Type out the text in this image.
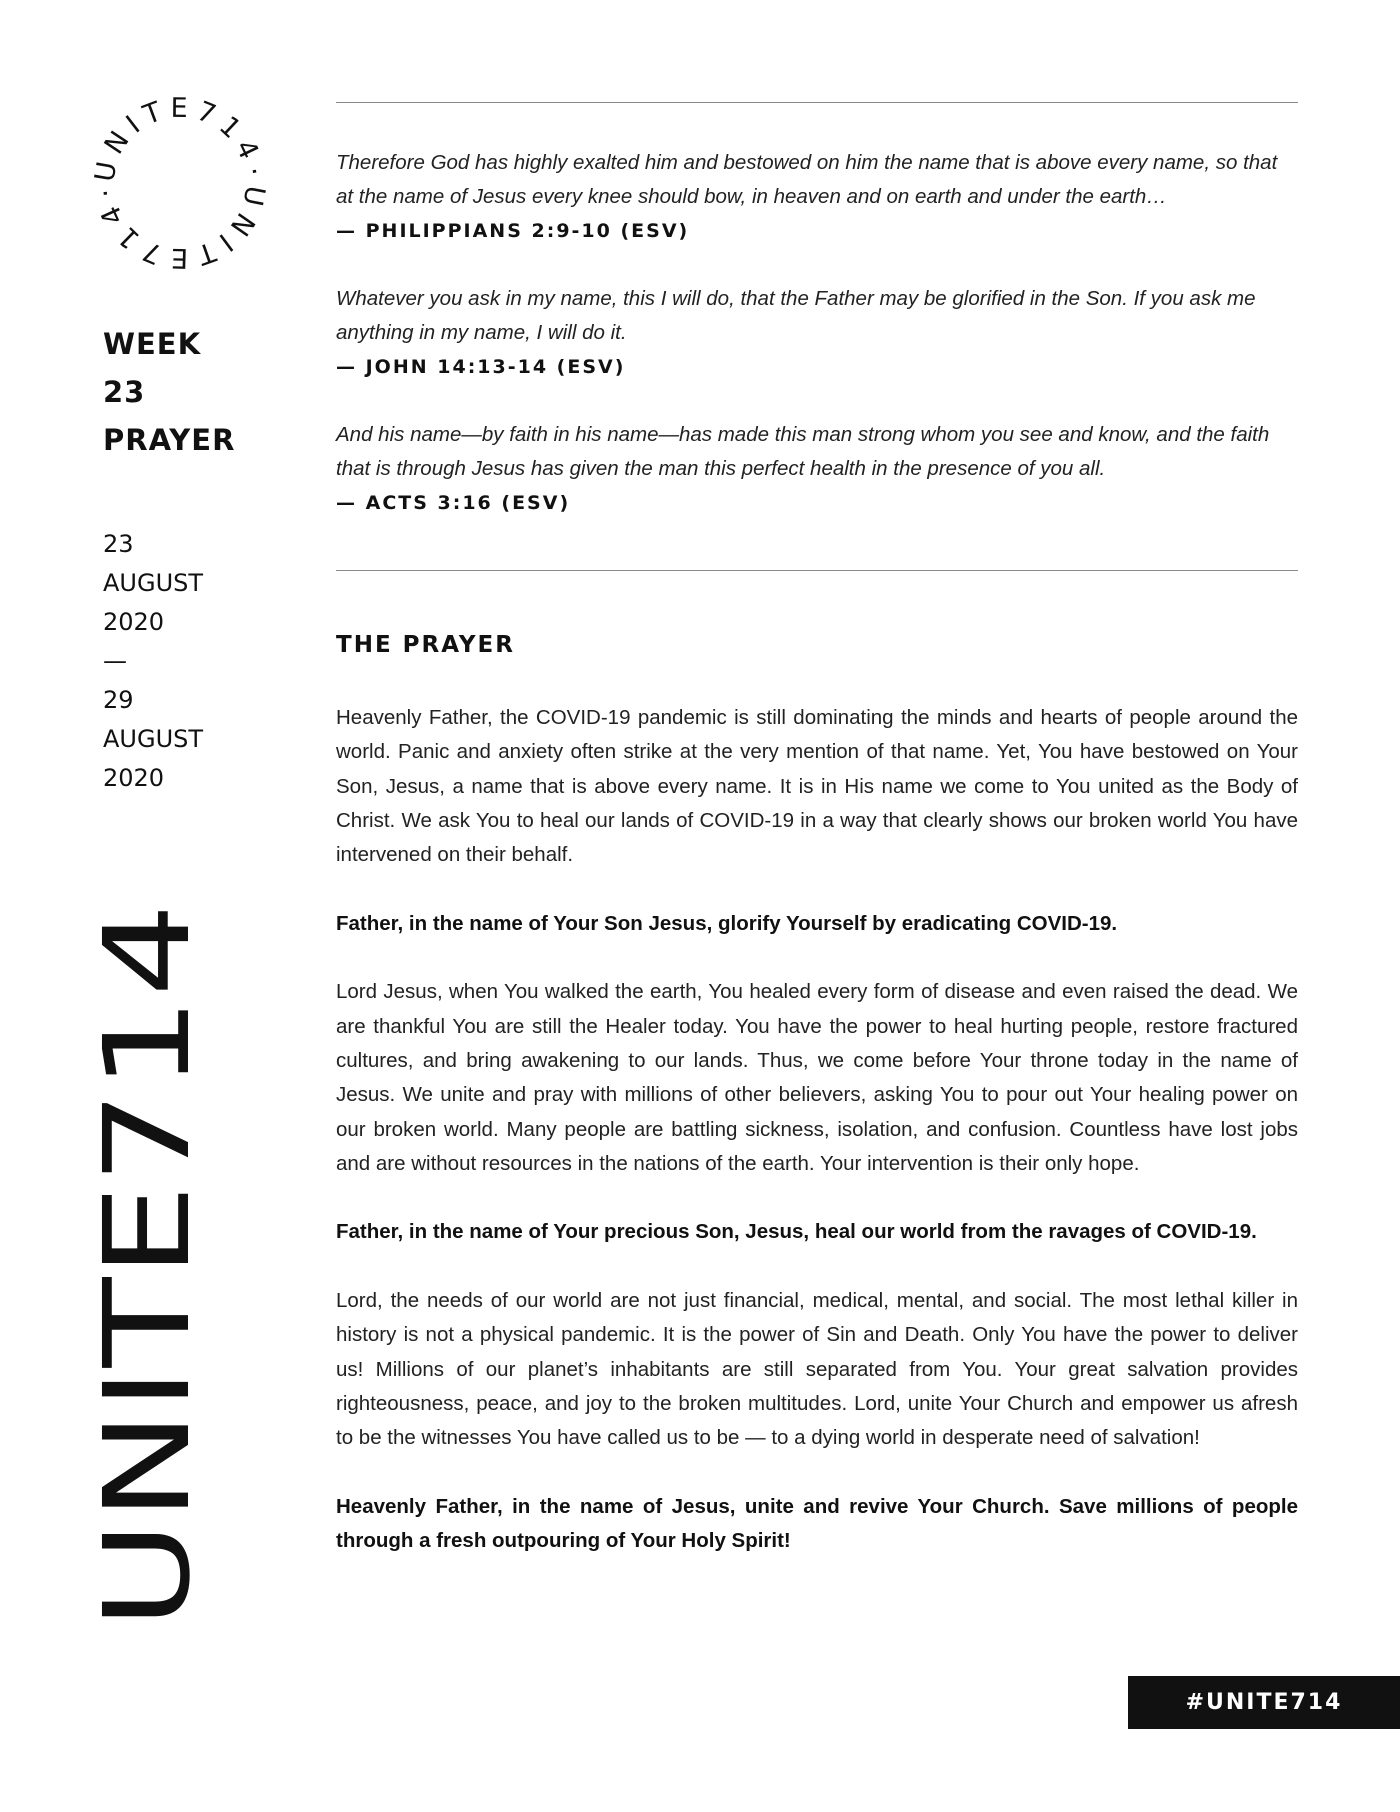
UNITE714·UNITE714·
WEEK
23
PRAYER
23
AUGUST
2020
—
29
AUGUST
2020
UNITE714

Therefore God has highly exalted him and bestowed on him the name that is above every name, so that at the name of Jesus every knee should bow, in heaven and on earth and under the earth…

— PHILIPPIANS 2:9-10 (ESV)

Whatever you ask in my name, this I will do, that the Father may be glorified in the Son. If you ask me anything in my name, I will do it.

— JOHN 14:13-14 (ESV)

And his name—by faith in his name—has made this man strong whom you see and know, and the faith that is through Jesus has given the man this perfect health in the presence of you all.

— ACTS 3:16 (ESV)

THE PRAYER

Heavenly Father, the COVID-19 pandemic is still dominating the minds and hearts of people around the world. Panic and anxiety often strike at the very mention of that name. Yet, You have bestowed on Your Son, Jesus, a name that is above every name. It is in His name we come to You united as the Body of Christ. We ask You to heal our lands of COVID-19 in a way that clearly shows our broken world You have intervened on their behalf.

Father, in the name of Your Son Jesus, glorify Yourself by eradicating COVID-19.

Lord Jesus, when You walked the earth, You healed every form of disease and even raised the dead. We are thankful You are still the Healer today. You have the power to heal hurting people, restore fractured cultures, and bring awakening to our lands. Thus, we come before Your throne today in the name of Jesus. We unite and pray with millions of other believers, asking You to pour out Your healing power on our broken world. Many people are battling sickness, isolation, and confusion. Countless have lost jobs and are without resources in the nations of the earth. Your intervention is their only hope.

Father, in the name of Your precious Son, Jesus, heal our world from the ravages of COVID-19.

Lord, the needs of our world are not just financial, medical, mental, and social. The most lethal killer in history is not a physical pandemic. It is the power of Sin and Death. Only You have the power to deliver us! Millions of our planet’s inhabitants are still separated from You. Your great salvation provides righteousness, peace, and joy to the broken multitudes. Lord, unite Your Church and empower us afresh to be the witnesses You have called us to be — to a dying world in desperate need of salvation!

Heavenly Father, in the name of Jesus, unite and revive Your Church. Save millions of people through a fresh outpouring of Your Holy Spirit!

#UNITE714
